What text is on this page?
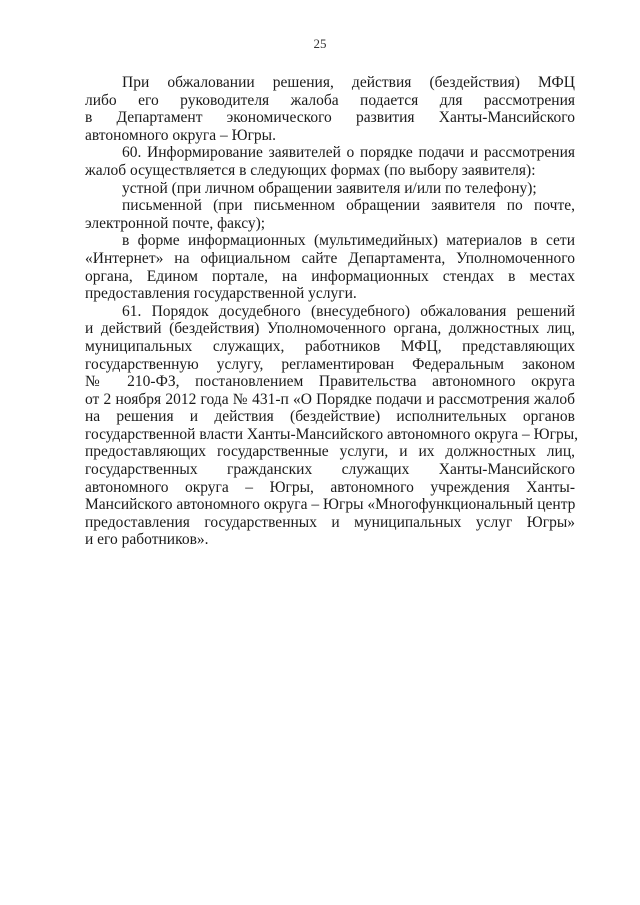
25
При обжаловании решения, действия (бездействия) МФЦ
либо его руководителя жалоба подается для рассмотрения
в Департамент экономического развития Ханты-Мансийского
автономного округа – Югры.
60. Информирование заявителей о порядке подачи и рассмотрения
жалоб осуществляется в следующих формах (по выбору заявителя):
устной (при личном обращении заявителя и/или по телефону);
письменной (при письменном обращении заявителя по почте,
электронной почте, факсу);
в форме информационных (мультимедийных) материалов в сети
«Интернет» на официальном сайте Департамента, Уполномоченного
органа, Едином портале, на информационных стендах в местах
предоставления государственной услуги.
61. Порядок досудебного (внесудебного) обжалования решений
и действий (бездействия) Уполномоченного органа, должностных лиц,
муниципальных служащих, работников МФЦ, представляющих
государственную услугу, регламентирован Федеральным законом
№ 210-ФЗ, постановлением Правительства автономного округа
от 2 ноября 2012 года № 431-п «О Порядке подачи и рассмотрения жалоб
на решения и действия (бездействие) исполнительных органов
государственной власти Ханты-Мансийского автономного округа – Югры,
предоставляющих государственные услуги, и их должностных лиц,
государственных гражданских служащих Ханты-Мансийского
автономного округа – Югры, автономного учреждения Ханты-
Мансийского автономного округа – Югры «Многофункциональный центр
предоставления государственных и муниципальных услуг Югры»
и его работников».
